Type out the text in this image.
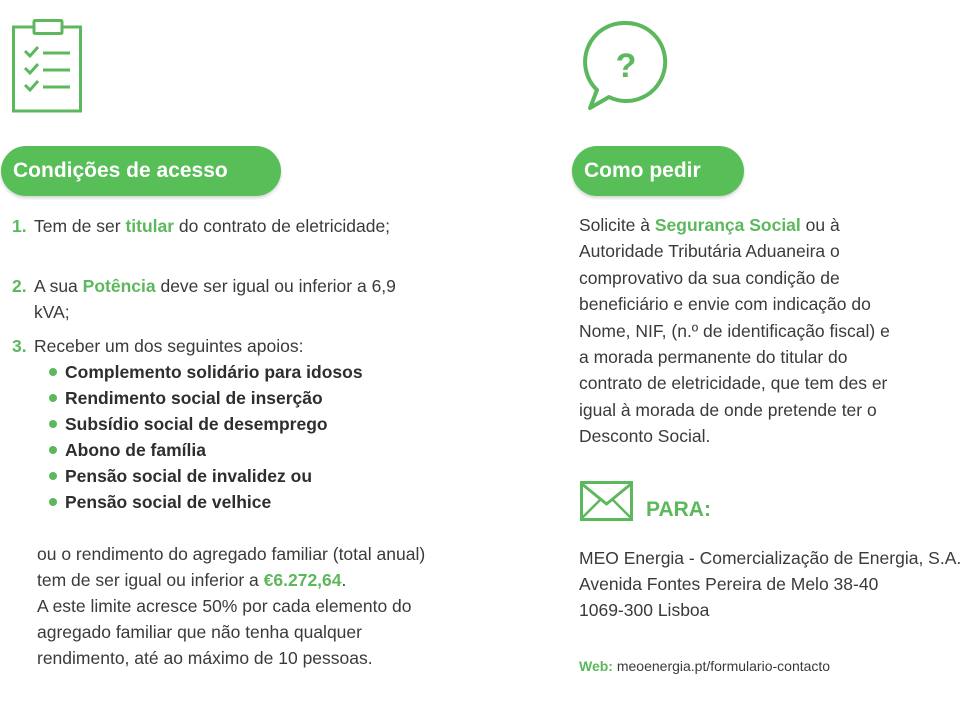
?
Condições de acesso	Como pedir
1. Tem de ser titular do contrato de eletricidade;
2. A sua Potência deve ser igual ou inferior a 6,9 kVA;
3. Receber um dos seguintes apoios:
Complemento solidário para idosos
Rendimento social de inserção
Subsídio social de desemprego
Abono de família
Pensão social de invalidez ou
Pensão social de velhice
ou o rendimento do agregado familiar (total anual) tem de ser igual ou inferior a €6.272,64.
A este limite acresce 50% por cada elemento do agregado familiar que não tenha qualquer rendimento, até ao máximo de 10 pessoas.
Solicite à Segurança Social ou à
Autoridade Tributária Aduaneira o
comprovativo da sua condição de
beneficiário e envie com indicação do
Nome, NIF, (n.º de identificação fiscal) e
a morada permanente do titular do
contrato de eletricidade, que tem des er
igual à morada de onde pretende ter o
Desconto Social.
PARA:
MEO Energia - Comercialização de Energia, S.A.
Avenida Fontes Pereira de Melo 38-40
1069-300 Lisboa
Web: meoenergia.pt/formulario-contacto
